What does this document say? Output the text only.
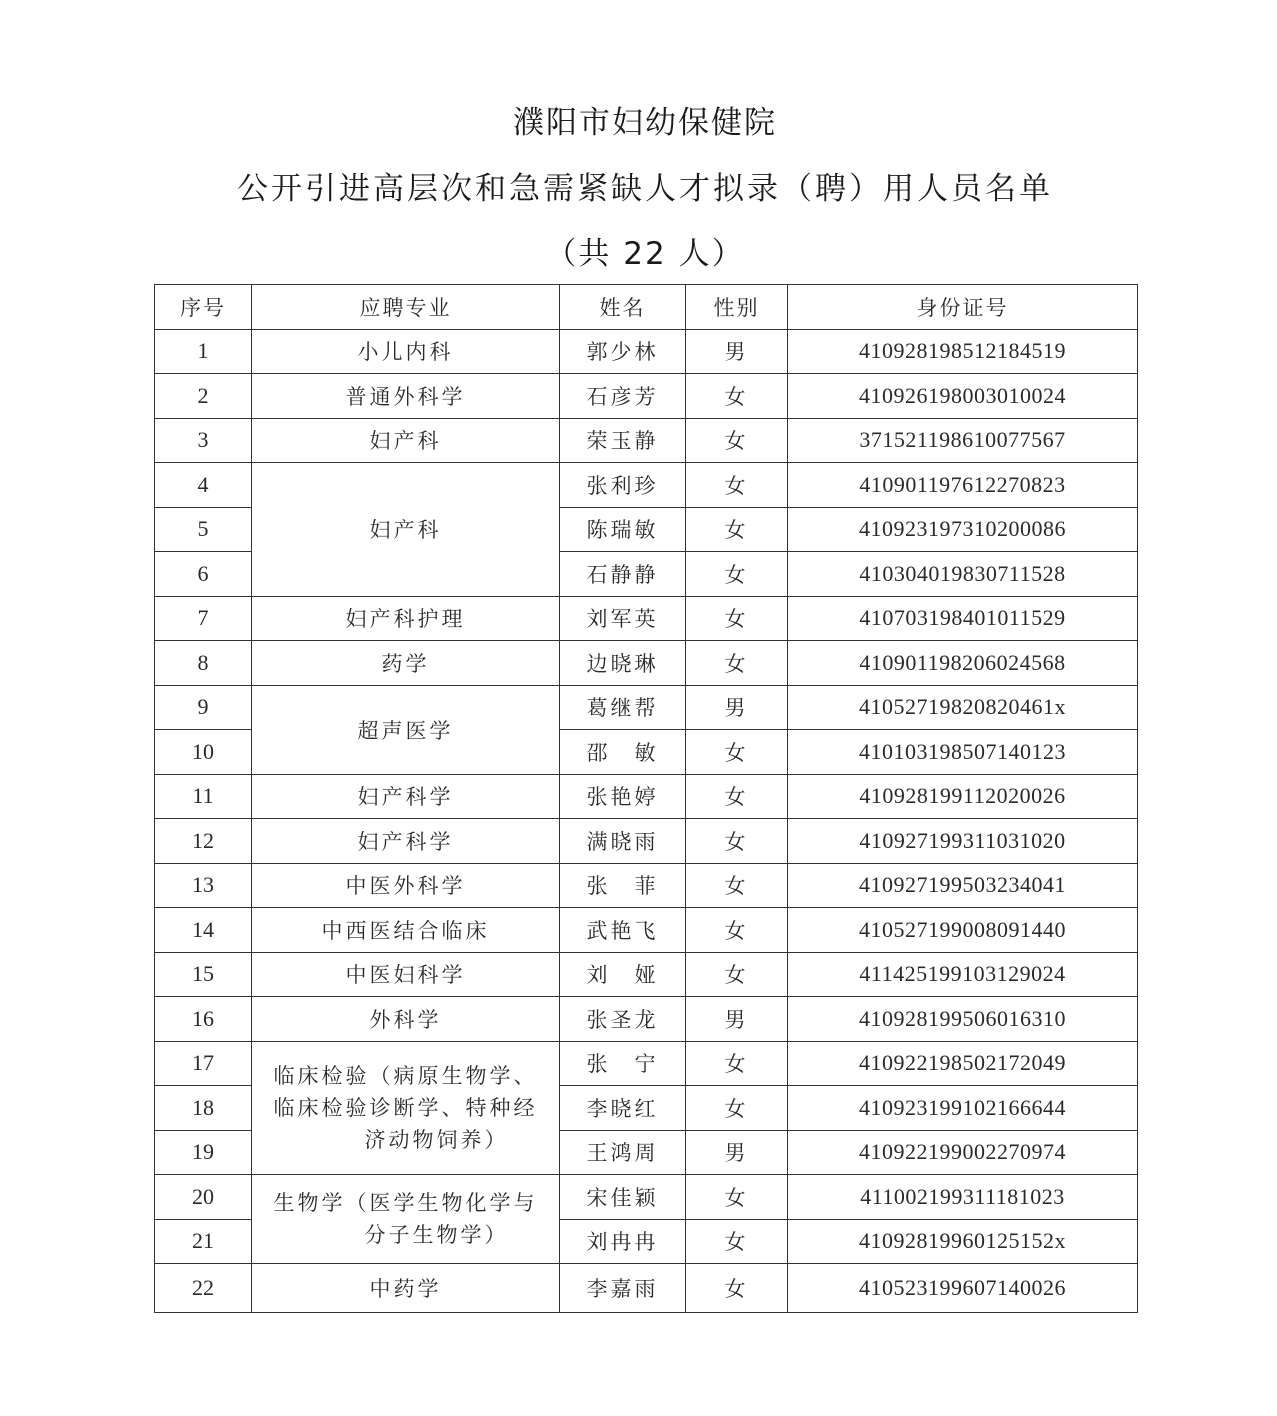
濮阳市妇幼保健院
公开引进高层次和急需紧缺人才拟录（聘）用人员名单
（共 22 人）
序号	应聘专业	姓名	性别	身份证号
1	小儿内科	郭少林	男	410928198512184519
2	普通外科学	石彦芳	女	410926198003010024
3	妇产科	荣玉静	女	371521198610077567
4	妇产科	张利珍	女	410901197612270823
5		陈瑞敏	女	410923197310200086
6		石静静	女	410304019830711528
7	妇产科护理	刘军英	女	410703198401011529
8	药学	边晓琳	女	410901198206024568
9	超声医学	葛继帮	男	41052719820820461x
10		邵　敏	女	410103198507140123
11	妇产科学	张艳婷	女	410928199112020026
12	妇产科学	满晓雨	女	410927199311031020
13	中医外科学	张　菲	女	410927199503234041
14	中西医结合临床	武艳飞	女	410527199008091440
15	中医妇科学	刘　娅	女	411425199103129024
16	外科学	张圣龙	男	410928199506016310
17	临床检验（病原生物学、
临床检验诊断学、特种经
济动物饲养）	张　宁	女	410922198502172049
18		李晓红	女	410923199102166644
19		王鸿周	男	410922199002270974
20	生物学（医学生物化学与
分子生物学）	宋佳颖	女	411002199311181023
21		刘冉冉	女	41092819960125152x
22	中药学	李嘉雨	女	410523199607140026
